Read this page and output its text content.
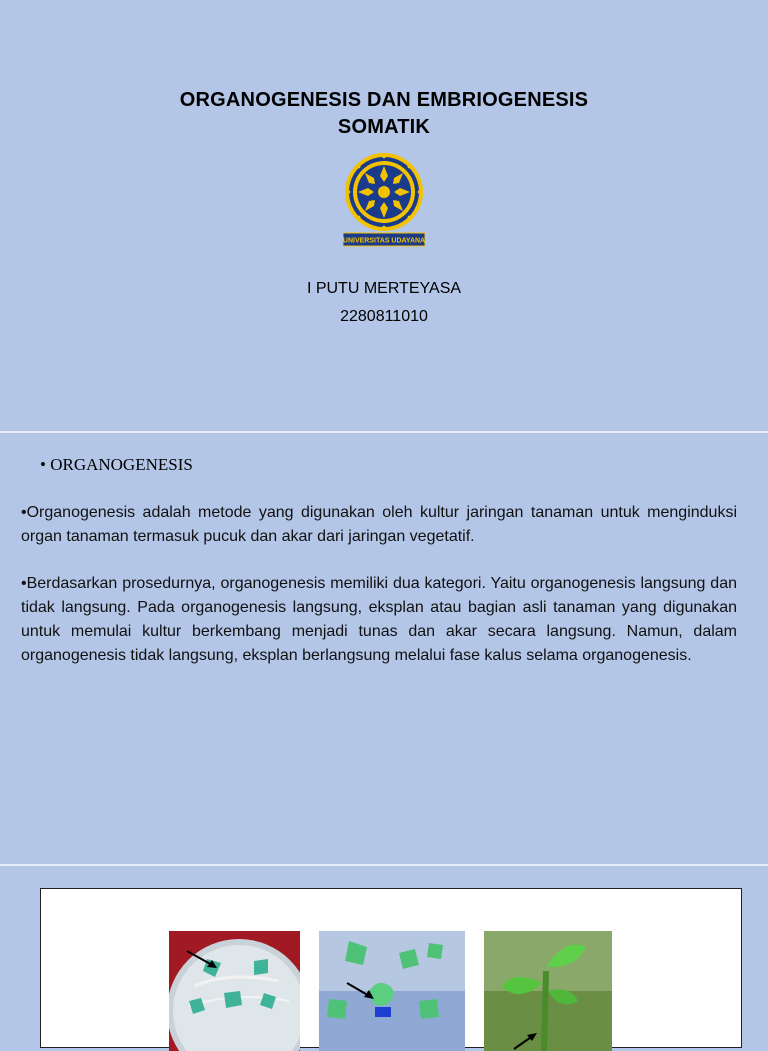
ORGANOGENESIS DAN EMBRIOGENESIS
SOMATIK
UNIVERSITAS UDAYANA
I PUTU MERTEYASA
2280811010
• ORGANOGENESIS

•Organogenesis adalah metode yang digunakan oleh kultur jaringan tanaman untuk menginduksi organ tanaman termasuk pucuk dan akar dari jaringan vegetatif.

•Berdasarkan prosedurnya, organogenesis memiliki dua kategori. Yaitu organogenesis langsung dan tidak langsung. Pada organogenesis langsung, eksplan atau bagian asli tanaman yang digunakan untuk memulai kultur berkembang menjadi tunas dan akar secara langsung. Namun, dalam organogenesis tidak langsung, eksplan berlangsung melalui fase kalus selama organogenesis.
